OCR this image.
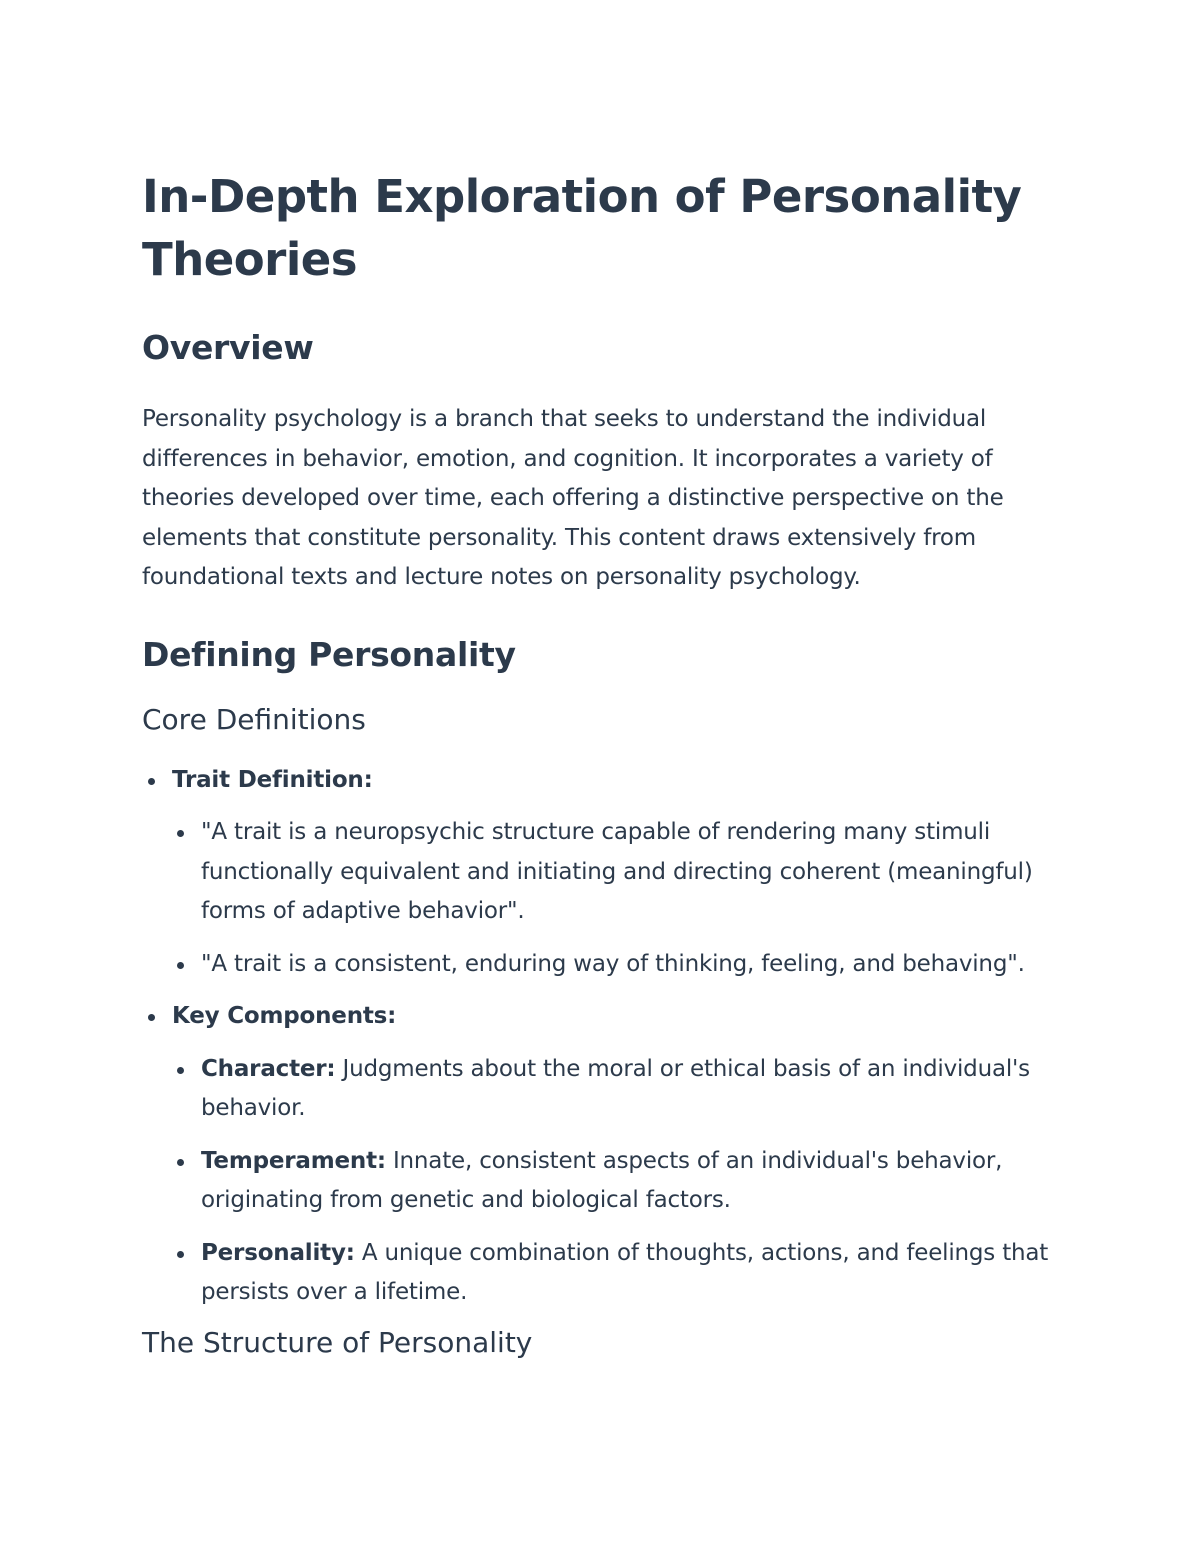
In-Depth Exploration of Personality Theories
Overview

Personality psychology is a branch that seeks to understand the individual differences in behavior, emotion, and cognition. It incorporates a variety of theories developed over time, each offering a distinctive perspective on the elements that constitute personality. This content draws extensively from foundational texts and lecture notes on personality psychology.

Defining Personality
Core Definitions
Trait Definition:
"A trait is a neuropsychic structure capable of rendering many stimuli functionally equivalent and initiating and directing coherent (meaningful) forms of adaptive behavior".
"A trait is a consistent, enduring way of thinking, feeling, and behaving".
Key Components:
Character: Judgments about the moral or ethical basis of an individual's behavior.
Temperament: Innate, consistent aspects of an individual's behavior, originating from genetic and biological factors.
Personality: A unique combination of thoughts, actions, and feelings that persists over a lifetime.
The Structure of Personality
